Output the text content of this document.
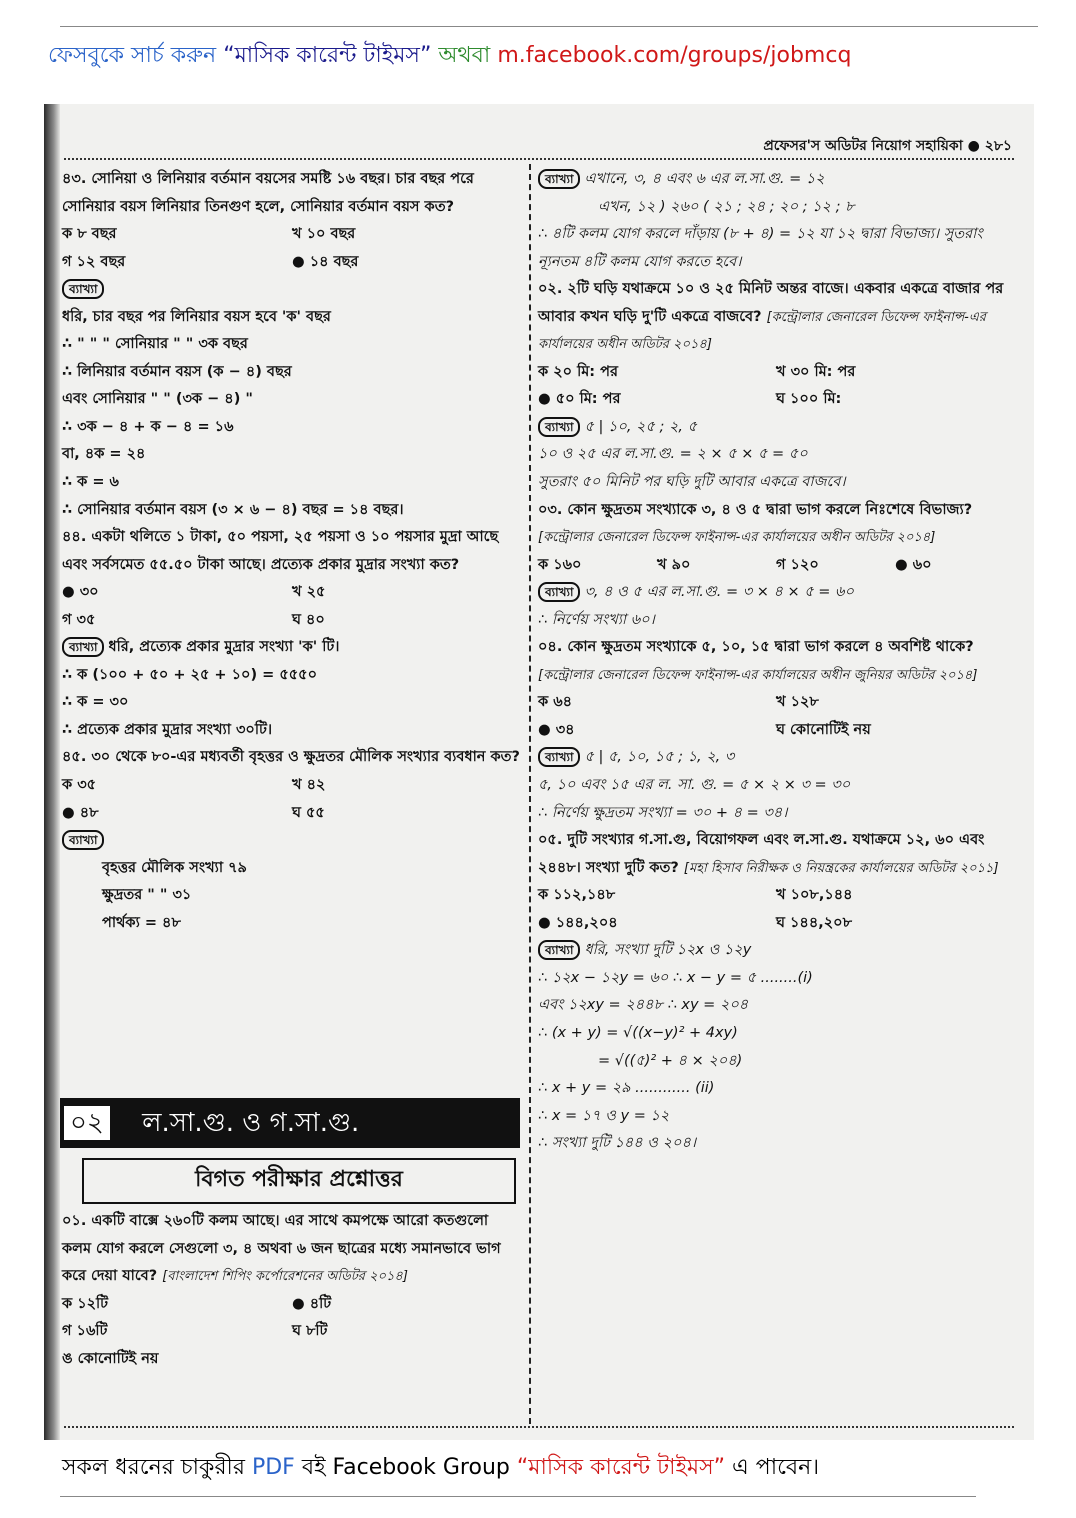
ফেসবুকে সার্চ করুন “মাসিক কারেন্ট টাইমস” অথবা m.facebook.com/groups/jobmcq
প্রফেসর'স অডিটর নিয়োগ সহায়িকা ● ২৮১

৪৩. সোনিয়া ও লিনিয়ার বর্তমান বয়সের সমষ্টি ১৬ বছর। চার বছর পরে সোনিয়ার বয়স লিনিয়ার তিনগুণ হলে, সোনিয়ার বর্তমান বয়স কত?

ক ৮ বছর	খ ১০ বছর
গ ১২ বছর	● ১৪ বছর

ব্যাখ্যা

ধরি, চার বছর পর লিনিয়ার বয়স হবে 'ক' বছর

∴ " " " সোনিয়ার " " ৩ক বছর

∴ লিনিয়ার বর্তমান বয়স (ক − ৪) বছর

এবং সোনিয়ার " " (৩ক − ৪) "

∴ ৩ক − ৪ + ক − ৪ = ১৬

বা, ৪ক = ২৪

∴ ক = ৬

∴ সোনিয়ার বর্তমান বয়স (৩ × ৬ − ৪) বছর = ১৪ বছর।

৪৪. একটা থলিতে ১ টাকা, ৫০ পয়সা, ২৫ পয়সা ও ১০ পয়সার মুদ্রা আছে এবং সর্বসমেত ৫৫.৫০ টাকা আছে। প্রত্যেক প্রকার মুদ্রার সংখ্যা কত?

● ৩০	খ ২৫
গ ৩৫	ঘ ৪০

ব্যাখ্যা ধরি, প্রত্যেক প্রকার মুদ্রার সংখ্যা 'ক' টি।

∴ ক (১০০ + ৫০ + ২৫ + ১০) = ৫৫৫০

∴ ক = ৩০

∴ প্রত্যেক প্রকার মুদ্রার সংখ্যা ৩০টি।

৪৫. ৩০ থেকে ৮০-এর মধ্যবর্তী বৃহত্তর ও ক্ষুদ্রতর মৌলিক সংখ্যার ব্যবধান কত?

ক ৩৫	খ ৪২
● ৪৮	ঘ ৫৫

ব্যাখ্যা

বৃহত্তর মৌলিক সংখ্যা ৭৯

ক্ষুদ্রতর " " ৩১

পার্থক্য = ৪৮

০২ ল.সা.গু. ও গ.সা.গু.
বিগত পরীক্ষার প্রশ্নোত্তর

০১. একটি বাক্সে ২৬০টি কলম আছে। এর সাথে কমপক্ষে আরো কতগুলো কলম যোগ করলে সেগুলো ৩, ৪ অথবা ৬ জন ছাত্রের মধ্যে সমানভাবে ভাগ করে দেয়া যাবে? [বাংলাদেশ শিপিং কর্পোরেশনের অডিটর ২০১৪]

ক ১২টি	● ৪টি
গ ১৬টি	ঘ ৮টি
ঙ কোনোটিই নয়

ব্যাখ্যা এখানে, ৩, ৪ এবং ৬ এর ল.সা.গু. = ১২

এখন, ১২ ) ২৬০ ( ২১ ; ২৪ ; ২০ ; ১২ ; ৮

∴ ৪টি কলম যোগ করলে দাঁড়ায় (৮ + ৪) = ১২ যা ১২ দ্বারা বিভাজ্য। সুতরাং ন্যূনতম ৪টি কলম যোগ করতে হবে।

০২. ২টি ঘড়ি যথাক্রমে ১০ ও ২৫ মিনিট অন্তর বাজে। একবার একত্রে বাজার পর আবার কখন ঘড়ি দু'টি একত্রে বাজবে? [কন্ট্রোলার জেনারেল ডিফেন্স ফাইনান্স-এর কার্যালয়ের অধীন অডিটর ২০১৪]

ক ২০ মি: পর	খ ৩০ মি: পর
● ৫০ মি: পর	ঘ ১০০ মি:

ব্যাখ্যা ৫ | ১০, ২৫ ; ২, ৫

১০ ও ২৫ এর ল.সা.গু. = ২ × ৫ × ৫ = ৫০

সুতরাং ৫০ মিনিট পর ঘড়ি দুটি আবার একত্রে বাজবে।

০৩. কোন ক্ষুদ্রতম সংখ্যাকে ৩, ৪ ও ৫ দ্বারা ভাগ করলে নিঃশেষে বিভাজ্য? [কন্ট্রোলার জেনারেল ডিফেন্স ফাইনান্স-এর কার্যালয়ের অধীন অডিটর ২০১৪]

ক ১৬০	খ ৯০	গ ১২০	● ৬০

ব্যাখ্যা ৩, ৪ ও ৫ এর ল.সা.গু. = ৩ × ৪ × ৫ = ৬০

∴ নির্ণেয় সংখ্যা ৬০।

০৪. কোন ক্ষুদ্রতম সংখ্যাকে ৫, ১০, ১৫ দ্বারা ভাগ করলে ৪ অবশিষ্ট থাকে? [কন্ট্রোলার জেনারেল ডিফেন্স ফাইনান্স-এর কার্যালয়ের অধীন জুনিয়র অডিটর ২০১৪]

ক ৬৪	খ ১২৮
● ৩৪	ঘ কোনোটিই নয়

ব্যাখ্যা ৫ | ৫, ১০, ১৫ ; ১, ২, ৩

৫, ১০ এবং ১৫ এর ল. সা. গু. = ৫ × ২ × ৩ = ৩০

∴ নির্ণেয় ক্ষুদ্রতম সংখ্যা = ৩০ + ৪ = ৩৪।

০৫. দুটি সংখ্যার গ.সা.গু, বিয়োগফল এবং ল.সা.গু. যথাক্রমে ১২, ৬০ এবং ২৪৪৮। সংখ্যা দুটি কত? [মহা হিসাব নিরীক্ষক ও নিয়ন্ত্রকের কার্যালয়ের অডিটর ২০১১]

ক ১১২,১৪৮	খ ১০৮,১৪৪
● ১৪৪,২০৪	ঘ ১৪৪,২০৮

ব্যাখ্যা ধরি, সংখ্যা দুটি ১২x ও ১২y

∴ ১২x − ১২y = ৬০ ∴ x − y = ৫ ........(i)

এবং ১২xy = ২৪৪৮ ∴ xy = ২০৪

∴ (x + y) = √((x−y)² + 4xy)

= √((৫)² + ৪ × ২০৪)

∴ x + y = ২৯ ............ (ii)

∴ x = ১৭ ও y = ১২

∴ সংখ্যা দুটি ১৪৪ ও ২০৪।

সকল ধরনের চাকুরীর PDF বই Facebook Group “মাসিক কারেন্ট টাইমস” এ পাবেন।
